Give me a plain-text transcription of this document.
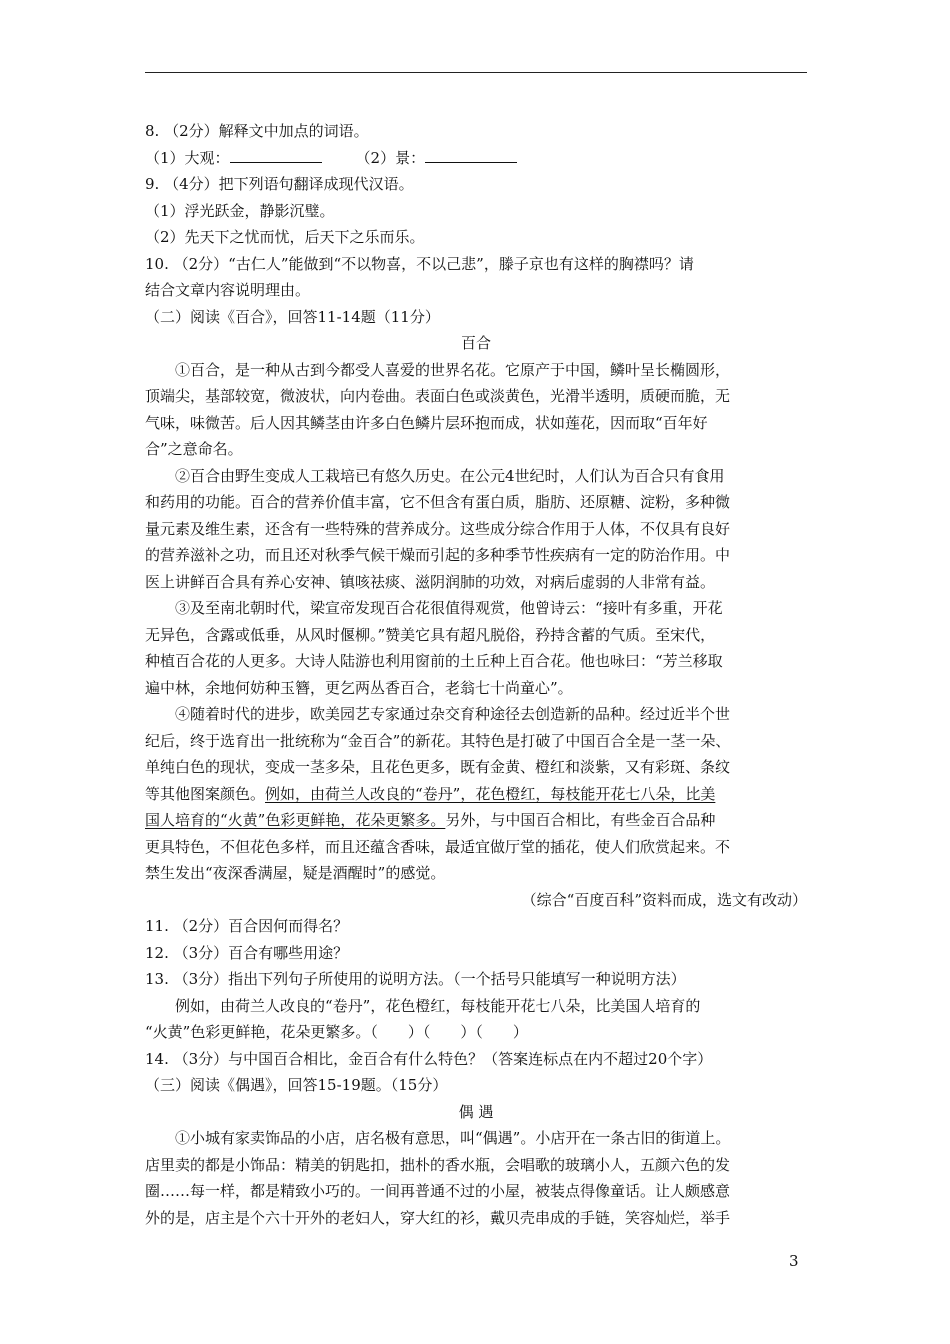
8. （2分）解释文中加点的词语。

（1）大观：	（2）景：

9. （4分）把下列语句翻译成现代汉语。

（1）浮光跃金，静影沉璧。

（2）先天下之忧而忧，后天下之乐而乐。

10. （2分）“古仁人”能做到“不以物喜，不以己悲”，滕子京也有这样的胸襟吗？请

结合文章内容说明理由。

（二）阅读《百合》，回答11-14题（11分）

百合

①百合，是一种从古到今都受人喜爱的世界名花。它原产于中国，鳞叶呈长椭圆形，

顶端尖，基部较宽，微波状，向内卷曲。表面白色或淡黄色，光滑半透明，质硬而脆，无

气味，味微苦。后人因其鳞茎由许多白色鳞片层环抱而成，状如莲花，因而取“百年好

合”之意命名。

②百合由野生变成人工栽培已有悠久历史。在公元4世纪时，人们认为百合只有食用

和药用的功能。百合的营养价值丰富，它不但含有蛋白质，脂肪、还原糖、淀粉，多种微

量元素及维生素，还含有一些特殊的营养成分。这些成分综合作用于人体，不仅具有良好

的营养滋补之功，而且还对秋季气候干燥而引起的多种季节性疾病有一定的防治作用。中

医上讲鲜百合具有养心安神、镇咳祛痰、滋阴润肺的功效，对病后虚弱的人非常有益。

③及至南北朝时代，梁宣帝发现百合花很值得观赏，他曾诗云：“接叶有多重，开花

无异色，含露或低垂，从风时偃柳。”赞美它具有超凡脱俗，矜持含蓄的气质。至宋代，

种植百合花的人更多。大诗人陆游也利用窗前的土丘种上百合花。他也咏曰：“芳兰移取

遍中林，余地何妨种玉簪，更乞两丛香百合，老翁七十尚童心”。

④随着时代的进步，欧美园艺专家通过杂交育种途径去创造新的品种。经过近半个世

纪后，终于选育出一批统称为“金百合”的新花。其特色是打破了中国百合全是一茎一朵、

单纯白色的现状，变成一茎多朵，且花色更多，既有金黄、橙红和淡紫，又有彩斑、条纹

等其他图案颜色。例如，由荷兰人改良的“卷丹”，花色橙红，每枝能开花七八朵，比美

国人培育的“火黄”色彩更鲜艳，花朵更繁多。另外，与中国百合相比，有些金百合品种

更具特色，不但花色多样，而且还蕴含香味，最适宜做厅堂的插花，使人们欣赏起来。不

禁生发出“夜深香满屋，疑是酒醒时”的感觉。

（综合“百度百科”资料而成，选文有改动）

11. （2分）百合因何而得名？

12. （3分）百合有哪些用途？

13. （3分）指出下列句子所使用的说明方法。（一个括号只能填写一种说明方法）

例如，由荷兰人改良的“卷丹”，花色橙红，每枝能开花七八朵，比美国人培育的

“火黄”色彩更鲜艳，花朵更繁多。（　　）（　　）（　　）

14. （3分）与中国百合相比，金百合有什么特色？（答案连标点在内不超过20个字）

（三）阅读《偶遇》，回答15-19题。（15分）

偶 遇

①小城有家卖饰品的小店，店名极有意思，叫“偶遇”。小店开在一条古旧的街道上。

店里卖的都是小饰品：精美的钥匙扣，拙朴的香水瓶，会唱歌的玻璃小人，五颜六色的发

圈……每一样，都是精致小巧的。一间再普通不过的小屋，被装点得像童话。让人颇感意

外的是，店主是个六十开外的老妇人，穿大红的衫，戴贝壳串成的手链，笑容灿烂，举手

3
